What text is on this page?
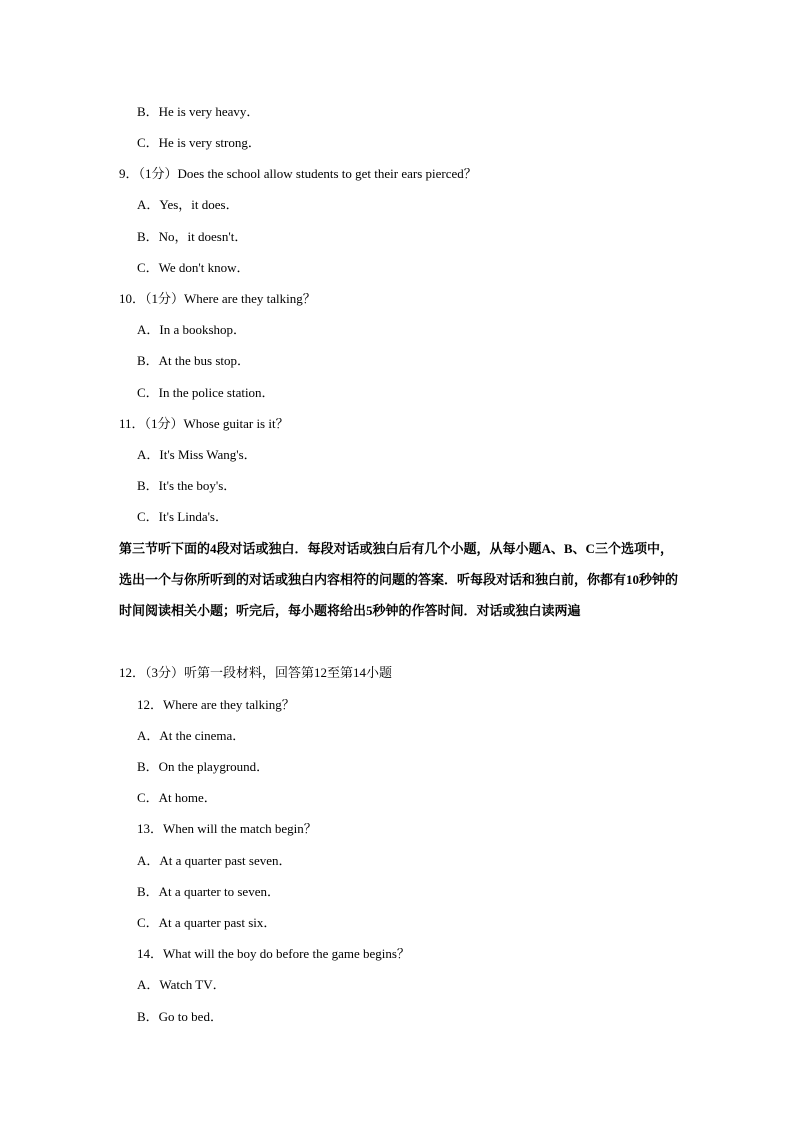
B．He is very heavy．
C．He is very strong．
9．（1分）Does the school allow students to get their ears pierced？
A．Yes，it does．
B．No，it doesn't．
C．We don't know．
10．（1分）Where are they talking？
A．In a bookshop．
B．At the bus stop．
C．In the police station．
11．（1分）Whose guitar is it？
A．It's Miss Wang's．
B．It's the boy's．
C．It's Linda's．
第三节听下面的4段对话或独白．每段对话或独白后有几个小题，从每小题A、B、C三个选项中，选出一个与你所听到的对话或独白内容相符的问题的答案．听每段对话和独白前，你都有10秒钟的时间阅读相关小题；听完后，每小题将给出5秒钟的作答时间．对话或独白读两遍
12．（3分）听第一段材料，回答第12至第14小题
12．Where are they talking？
A．At the cinema．
B．On the playground．
C．At home．
13．When will the match begin？
A．At a quarter past seven．
B．At a quarter to seven．
C．At a quarter past six．
14．What will the boy do before the game begins？
A．Watch TV．
B．Go to bed．
